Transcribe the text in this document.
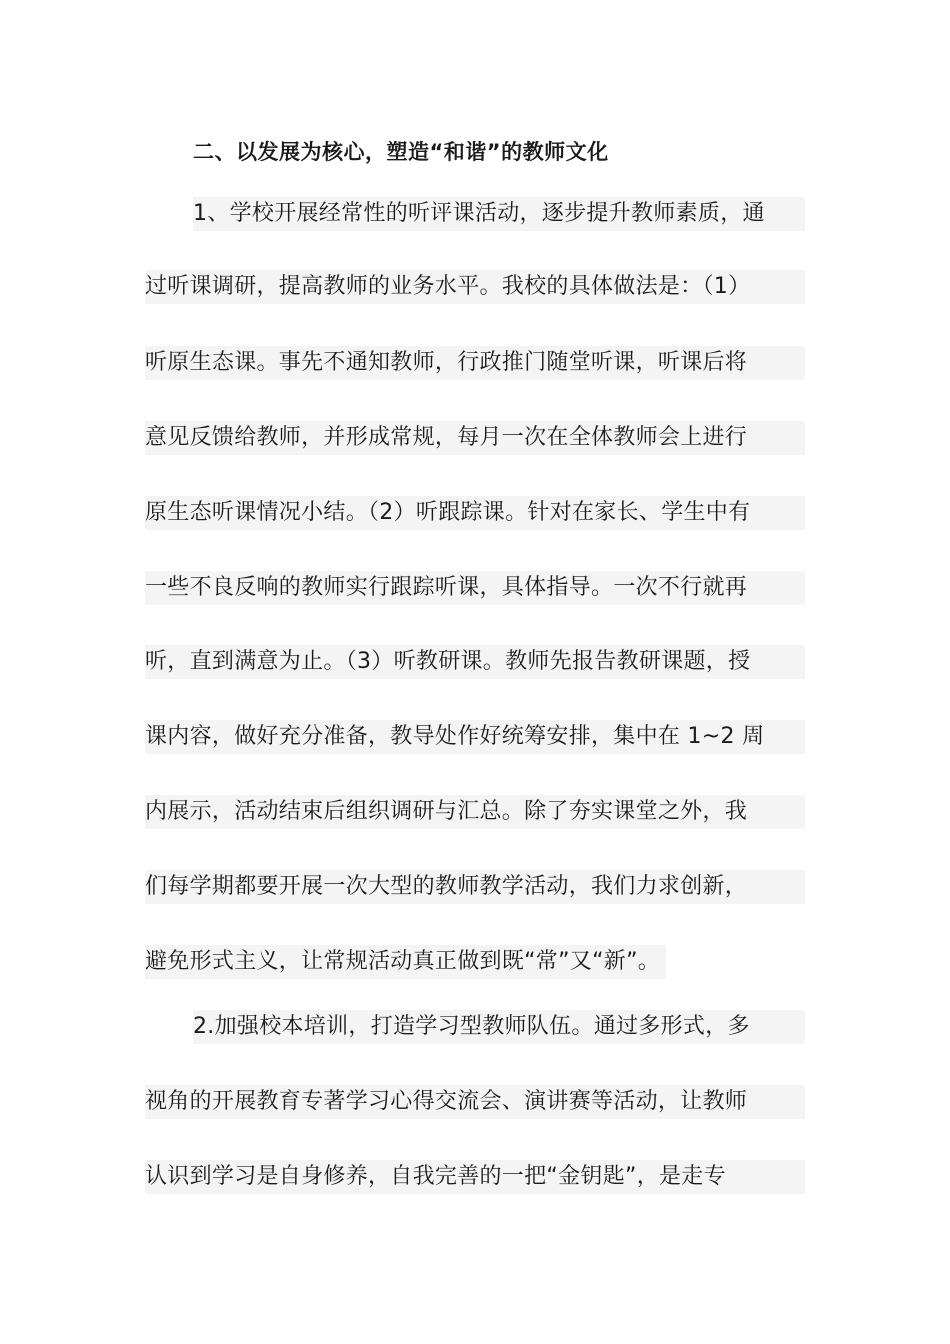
二、以发展为核心，塑造“和谐”的教师文化
1、学校开展经常性的听评课活动，逐步提升教师素质，通
过听课调研，提高教师的业务水平。我校的具体做法是：（1）
听原生态课。事先不通知教师，行政推门随堂听课，听课后将
意见反馈给教师，并形成常规，每月一次在全体教师会上进行
原生态听课情况小结。（2）听跟踪课。针对在家长、学生中有
一些不良反响的教师实行跟踪听课，具体指导。一次不行就再
听，直到满意为止。（3）听教研课。教师先报告教研课题，授
课内容，做好充分准备，教导处作好统筹安排，集中在 1~2 周
内展示，活动结束后组织调研与汇总。除了夯实课堂之外，我
们每学期都要开展一次大型的教师教学活动，我们力求创新，
避免形式主义，让常规活动真正做到既“常”又“新”。
2.加强校本培训，打造学习型教师队伍。通过多形式，多
视角的开展教育专著学习心得交流会、演讲赛等活动，让教师
认识到学习是自身修养，自我完善的一把“金钥匙”，是走专
